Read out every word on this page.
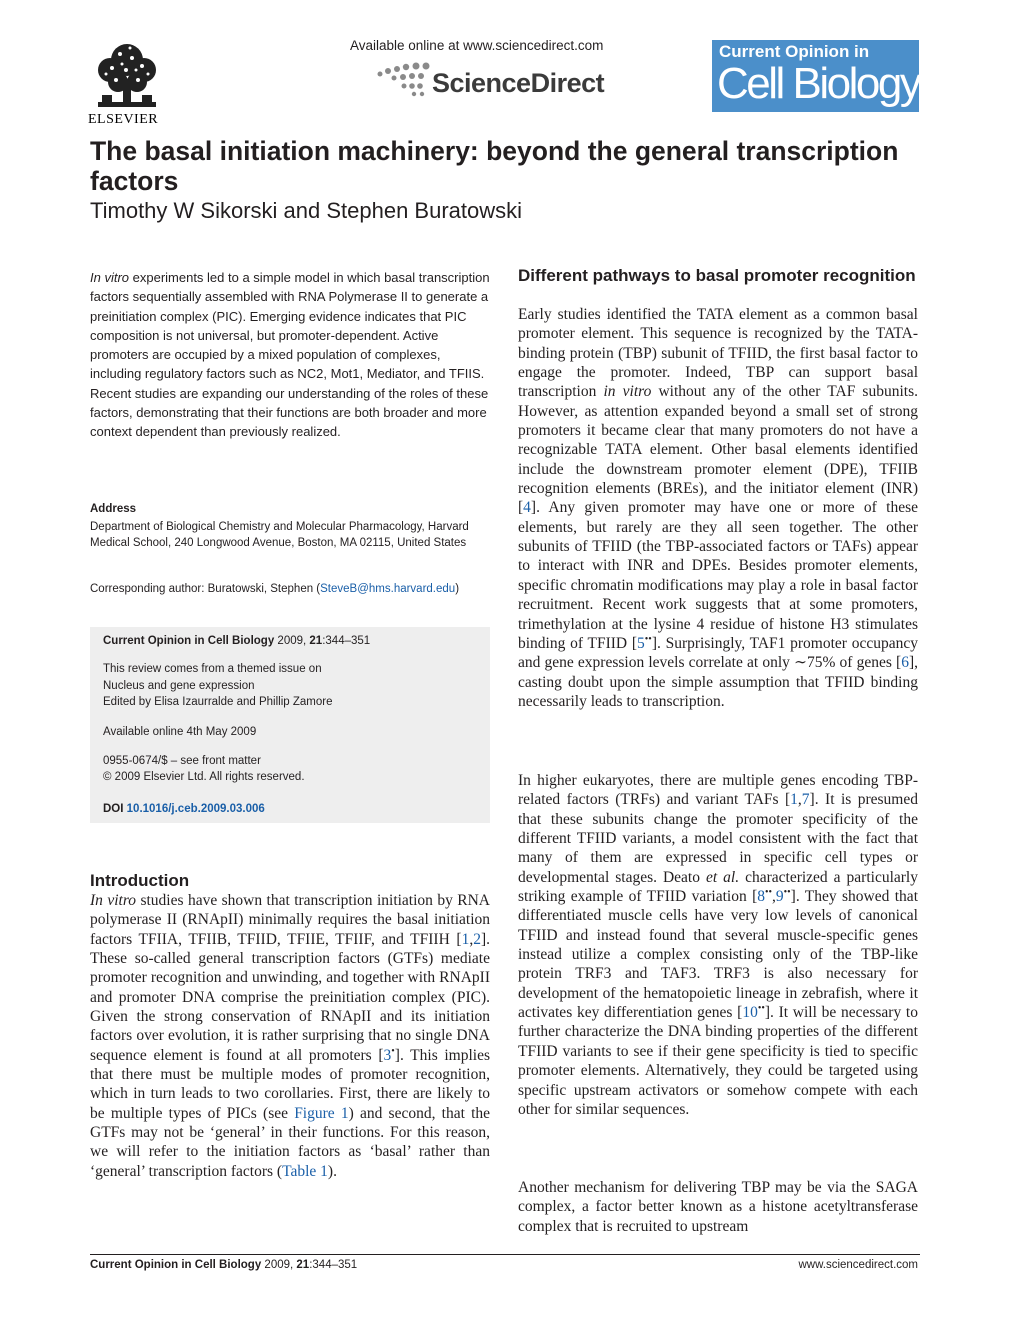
ELSEVIER
Available online at www.sciencedirect.com
ScienceDirect
Current Opinion in
Cell Biology
The basal initiation machinery: beyond the general transcription factors
Timothy W Sikorski and Stephen Buratowski

In vitro experiments led to a simple model in which basal transcription factors sequentially assembled with RNA Polymerase II to generate a preinitiation complex (PIC). Emerging evidence indicates that PIC composition is not universal, but promoter-dependent. Active promoters are occupied by a mixed population of complexes, including regulatory factors such as NC2, Mot1, Mediator, and TFIIS. Recent studies are expanding our understanding of the roles of these factors, demonstrating that their functions are both broader and more context dependent than previously realized.

Address

Department of Biological Chemistry and Molecular Pharmacology, Harvard Medical School, 240 Longwood Avenue, Boston, MA 02115, United States

Corresponding author: Buratowski, Stephen (SteveB@hms.harvard.edu)
Current Opinion in Cell Biology 2009, 21:344–351
This review comes from a themed issue on
Nucleus and gene expression
Edited by Elisa Izaurralde and Phillip Zamore
Available online 4th May 2009
0955-0674/$ – see front matter
© 2009 Elsevier Ltd. All rights reserved.
DOI 10.1016/j.ceb.2009.03.006
Introduction

In vitro studies have shown that transcription initiation by RNA polymerase II (RNApII) minimally requires the basal initiation factors TFIIA, TFIIB, TFIID, TFIIE, TFIIF, and TFIIH [1,2]. These so-called general transcription factors (GTFs) mediate promoter recognition and unwinding, and together with RNApII and promoter DNA comprise the preinitiation complex (PIC). Given the strong conservation of RNApII and its initiation factors over evolution, it is rather surprising that no single DNA sequence element is found at all promoters [3•]. This implies that there must be multiple modes of promoter recognition, which in turn leads to two corollaries. First, there are likely to be multiple types of PICs (see Figure 1) and second, that the GTFs may not be ‘general’ in their functions. For this reason, we will refer to the initiation factors as ‘basal’ rather than ‘general’ transcription factors (Table 1).

Different pathways to basal promoter recognition

Early studies identified the TATA element as a common basal promoter element. This sequence is recognized by the TATA-binding protein (TBP) subunit of TFIID, the first basal factor to engage the promoter. Indeed, TBP can support basal transcription in vitro without any of the other TAF subunits. However, as attention expanded beyond a small set of strong promoters it became clear that many promoters do not have a recognizable TATA element. Other basal elements identified include the downstream promoter element (DPE), TFIIB recognition elements (BREs), and the initiator element (INR) [4]. Any given promoter may have one or more of these elements, but rarely are they all seen together. The other subunits of TFIID (the TBP-associated factors or TAFs) appear to interact with INR and DPEs. Besides promoter elements, specific chromatin modifications may play a role in basal factor recruitment. Recent work suggests that at some promoters, trimethylation at the lysine 4 residue of histone H3 stimulates binding of TFIID [5••]. Surprisingly, TAF1 promoter occupancy and gene expression levels correlate at only ∼75% of genes [6], casting doubt upon the simple assumption that TFIID binding necessarily leads to transcription.

In higher eukaryotes, there are multiple genes encoding TBP-related factors (TRFs) and variant TAFs [1,7]. It is presumed that these subunits change the promoter specificity of the different TFIID variants, a model consistent with the fact that many of them are expressed in specific cell types or developmental stages. Deato et al. characterized a particularly striking example of TFIID variation [8••,9••]. They showed that differentiated muscle cells have very low levels of canonical TFIID and instead found that several muscle-specific genes instead utilize a complex consisting only of the TBP-like protein TRF3 and TAF3. TRF3 is also necessary for development of the hematopoietic lineage in zebrafish, where it activates key differentiation genes [10••]. It will be necessary to further characterize the DNA binding properties of the different TFIID variants to see if their gene specificity is tied to specific promoter elements. Alternatively, they could be targeted using specific upstream activators or somehow compete with each other for similar sequences.

Another mechanism for delivering TBP may be via the SAGA complex, a factor better known as a histone acetyltransferase complex that is recruited to upstream

Current Opinion in Cell Biology 2009, 21:344–351	www.sciencedirect.com
